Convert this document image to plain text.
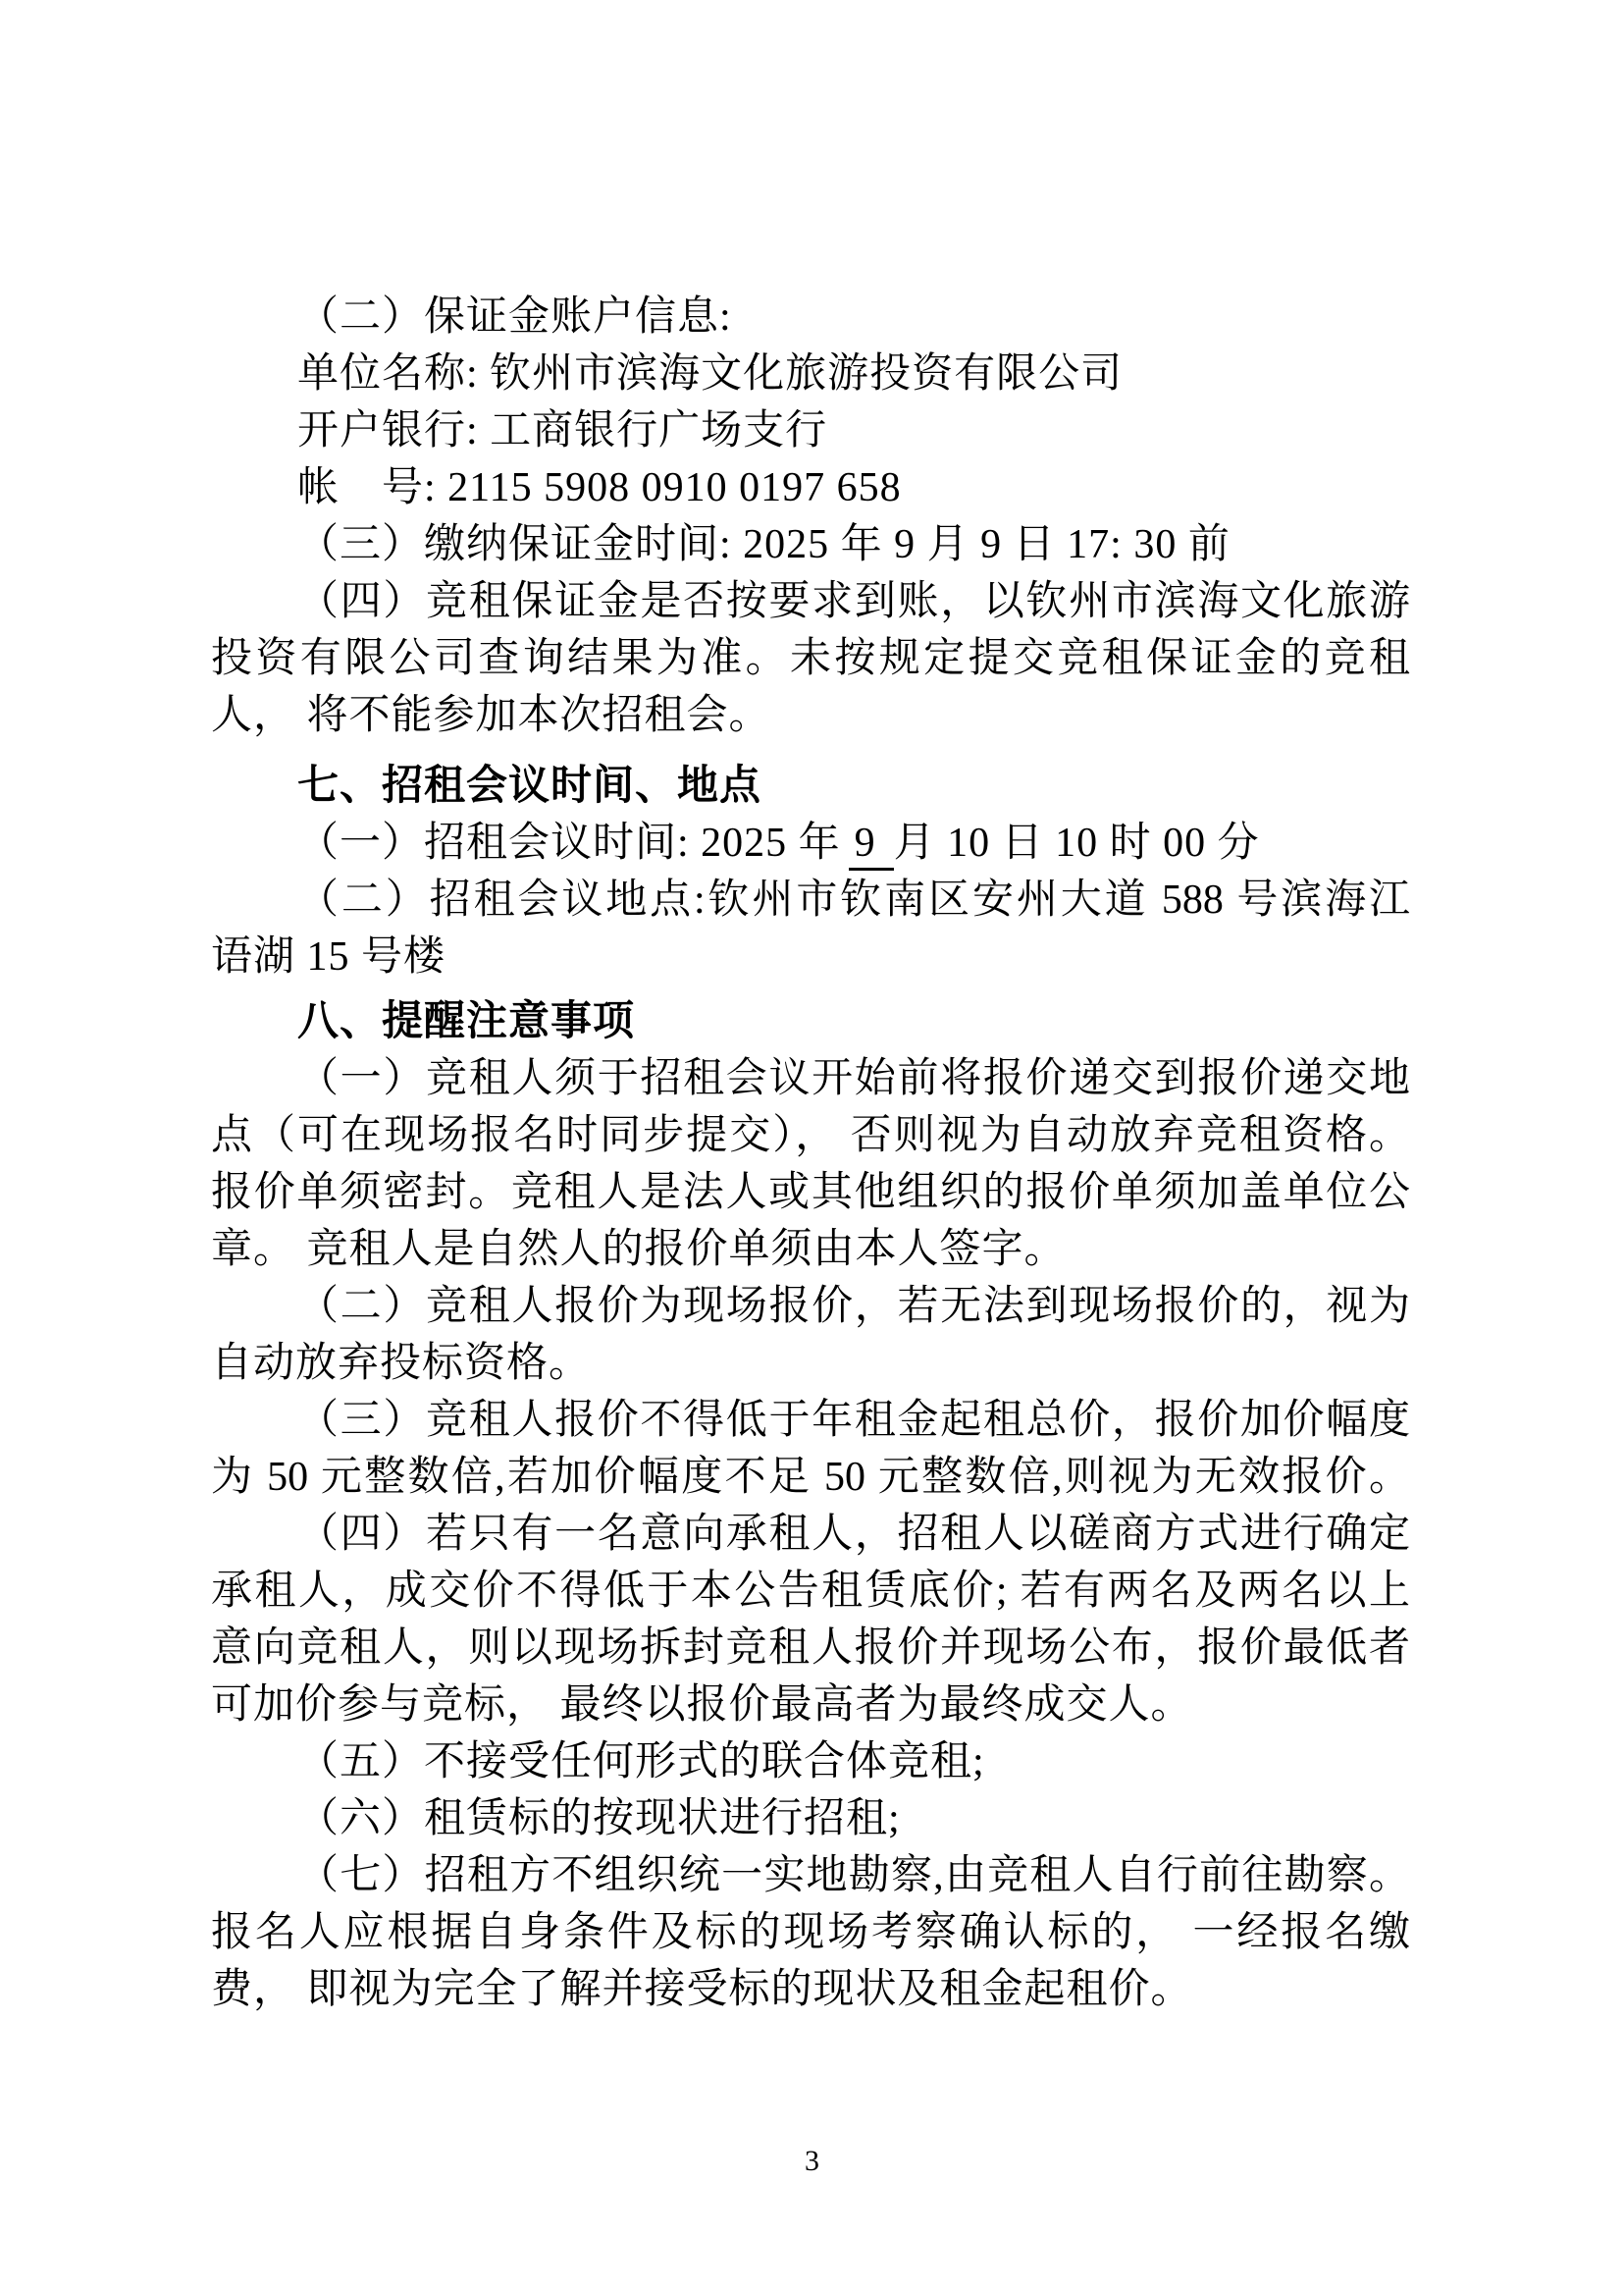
（二）保证金账户信息:
单位名称: 钦州市滨海文化旅游投资有限公司
开户银行: 工商银行广场支行
帐　号: 2115 5908 0910 0197 658
（三）缴纳保证金时间: 2025 年 9 月 9 日 17: 30 前
（四）竞租保证金是否按要求到账，以钦州市滨海文化旅游
投资有限公司查询结果为准。未按规定提交竞租保证金的竞租
人， 将不能参加本次招租会。
七、招租会议时间、地点
（一）招租会议时间: 2025 年 9 月 10 日 10 时 00 分
（二）招租会议地点:钦州市钦南区安州大道 588 号滨海江
语湖 15 号楼
八、提醒注意事项
（一）竞租人须于招租会议开始前将报价递交到报价递交地
点（可在现场报名时同步提交）， 否则视为自动放弃竞租资格。
报价单须密封。竞租人是法人或其他组织的报价单须加盖单位公
章。 竞租人是自然人的报价单须由本人签字。
（二）竞租人报价为现场报价，若无法到现场报价的，视为
自动放弃投标资格。
（三）竞租人报价不得低于年租金起租总价，报价加价幅度
为 50 元整数倍,若加价幅度不足 50 元整数倍,则视为无效报价。
（四）若只有一名意向承租人，招租人以磋商方式进行确定
承租人，成交价不得低于本公告租赁底价; 若有两名及两名以上
意向竞租人，则以现场拆封竞租人报价并现场公布，报价最低者
可加价参与竞标， 最终以报价最高者为最终成交人。
（五）不接受任何形式的联合体竞租;
（六）租赁标的按现状进行招租;
（七）招租方不组织统一实地勘察,由竞租人自行前往勘察。
报名人应根据自身条件及标的现场考察确认标的， 一经报名缴
费， 即视为完全了解并接受标的现状及租金起租价。
3
